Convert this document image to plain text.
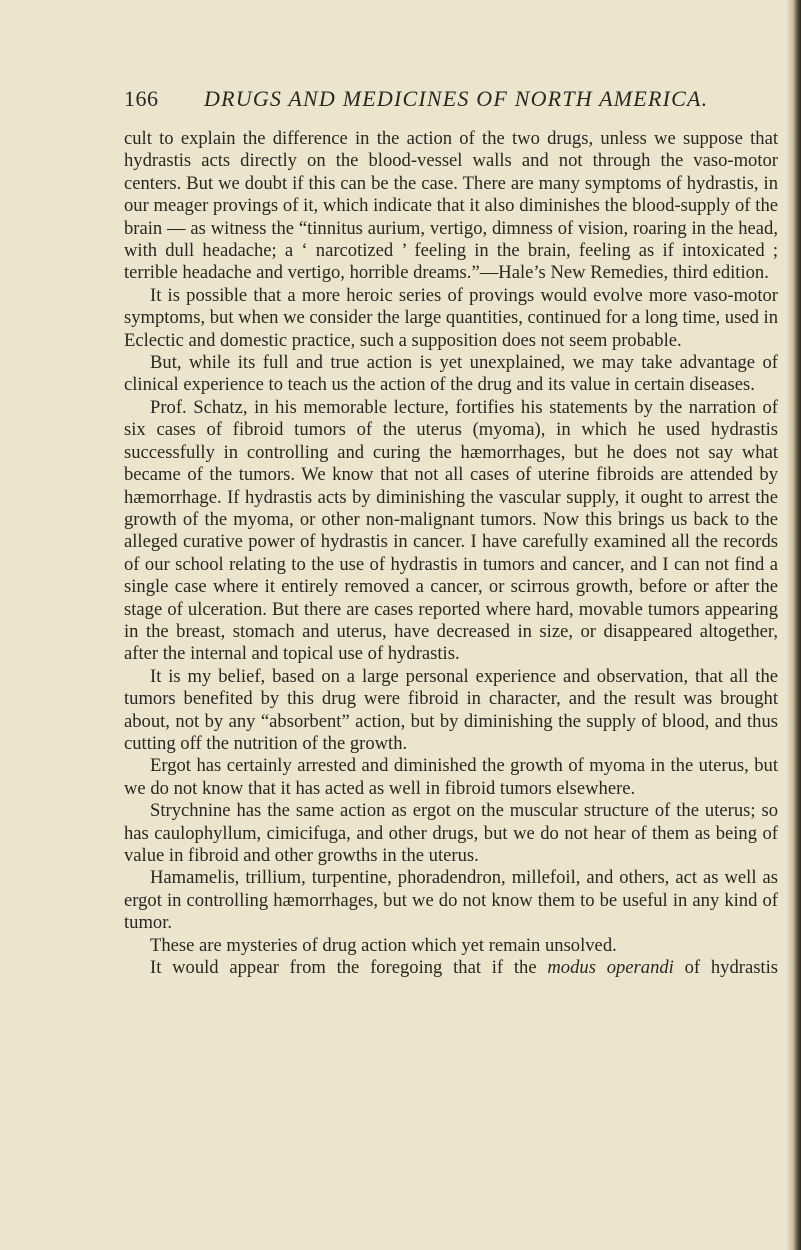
166 DRUGS AND MEDICINES OF NORTH AMERICA.

cult to explain the difference in the action of the two drugs, unless we suppose that hydrastis acts directly on the blood-vessel walls and not through the vaso-motor centers. But we doubt if this can be the case. There are many symptoms of hydrastis, in our meager provings of it, which indicate that it also diminishes the blood-supply of the brain — as witness the “tinnitus aurium, vertigo, dimness of vision, roaring in the head, with dull headache; a ‘ narcotized ’ feeling in the brain, feeling as if intoxicated ; terrible headache and vertigo, horrible dreams.”—Hale’s New Remedies, third edition.

It is possible that a more heroic series of provings would evolve more vaso-motor symptoms, but when we consider the large quantities, continued for a long time, used in Eclectic and domestic practice, such a supposition does not seem probable.

But, while its full and true action is yet unexplained, we may take advantage of clinical experience to teach us the action of the drug and its value in certain diseases.

Prof. Schatz, in his memorable lecture, fortifies his statements by the narration of six cases of fibroid tumors of the uterus (myoma), in which he used hydrastis successfully in controlling and curing the hæmorrhages, but he does not say what became of the tumors. We know that not all cases of uterine fibroids are attended by hæmorrhage. If hydrastis acts by diminishing the vascular supply, it ought to arrest the growth of the myoma, or other non-malignant tumors. Now this brings us back to the alleged curative power of hydrastis in cancer. I have carefully examined all the records of our school relating to the use of hydrastis in tumors and cancer, and I can not find a single case where it entirely removed a cancer, or scirrous growth, before or after the stage of ulceration. But there are cases reported where hard, movable tumors appearing in the breast, stomach and uterus, have decreased in size, or disappeared altogether, after the internal and topical use of hydrastis.

It is my belief, based on a large personal experience and observation, that all the tumors benefited by this drug were fibroid in character, and the result was brought about, not by any “absorbent” action, but by diminishing the supply of blood, and thus cutting off the nutrition of the growth.

Ergot has certainly arrested and diminished the growth of myoma in the uterus, but we do not know that it has acted as well in fibroid tumors elsewhere.

Strychnine has the same action as ergot on the muscular structure of the uterus; so has caulophyllum, cimicifuga, and other drugs, but we do not hear of them as being of value in fibroid and other growths in the uterus.

Hamamelis, trillium, turpentine, phoradendron, millefoil, and others, act as well as ergot in controlling hæmorrhages, but we do not know them to be useful in any kind of tumor.

These are mysteries of drug action which yet remain unsolved.

It would appear from the foregoing that if the modus operandi of hydrastis
